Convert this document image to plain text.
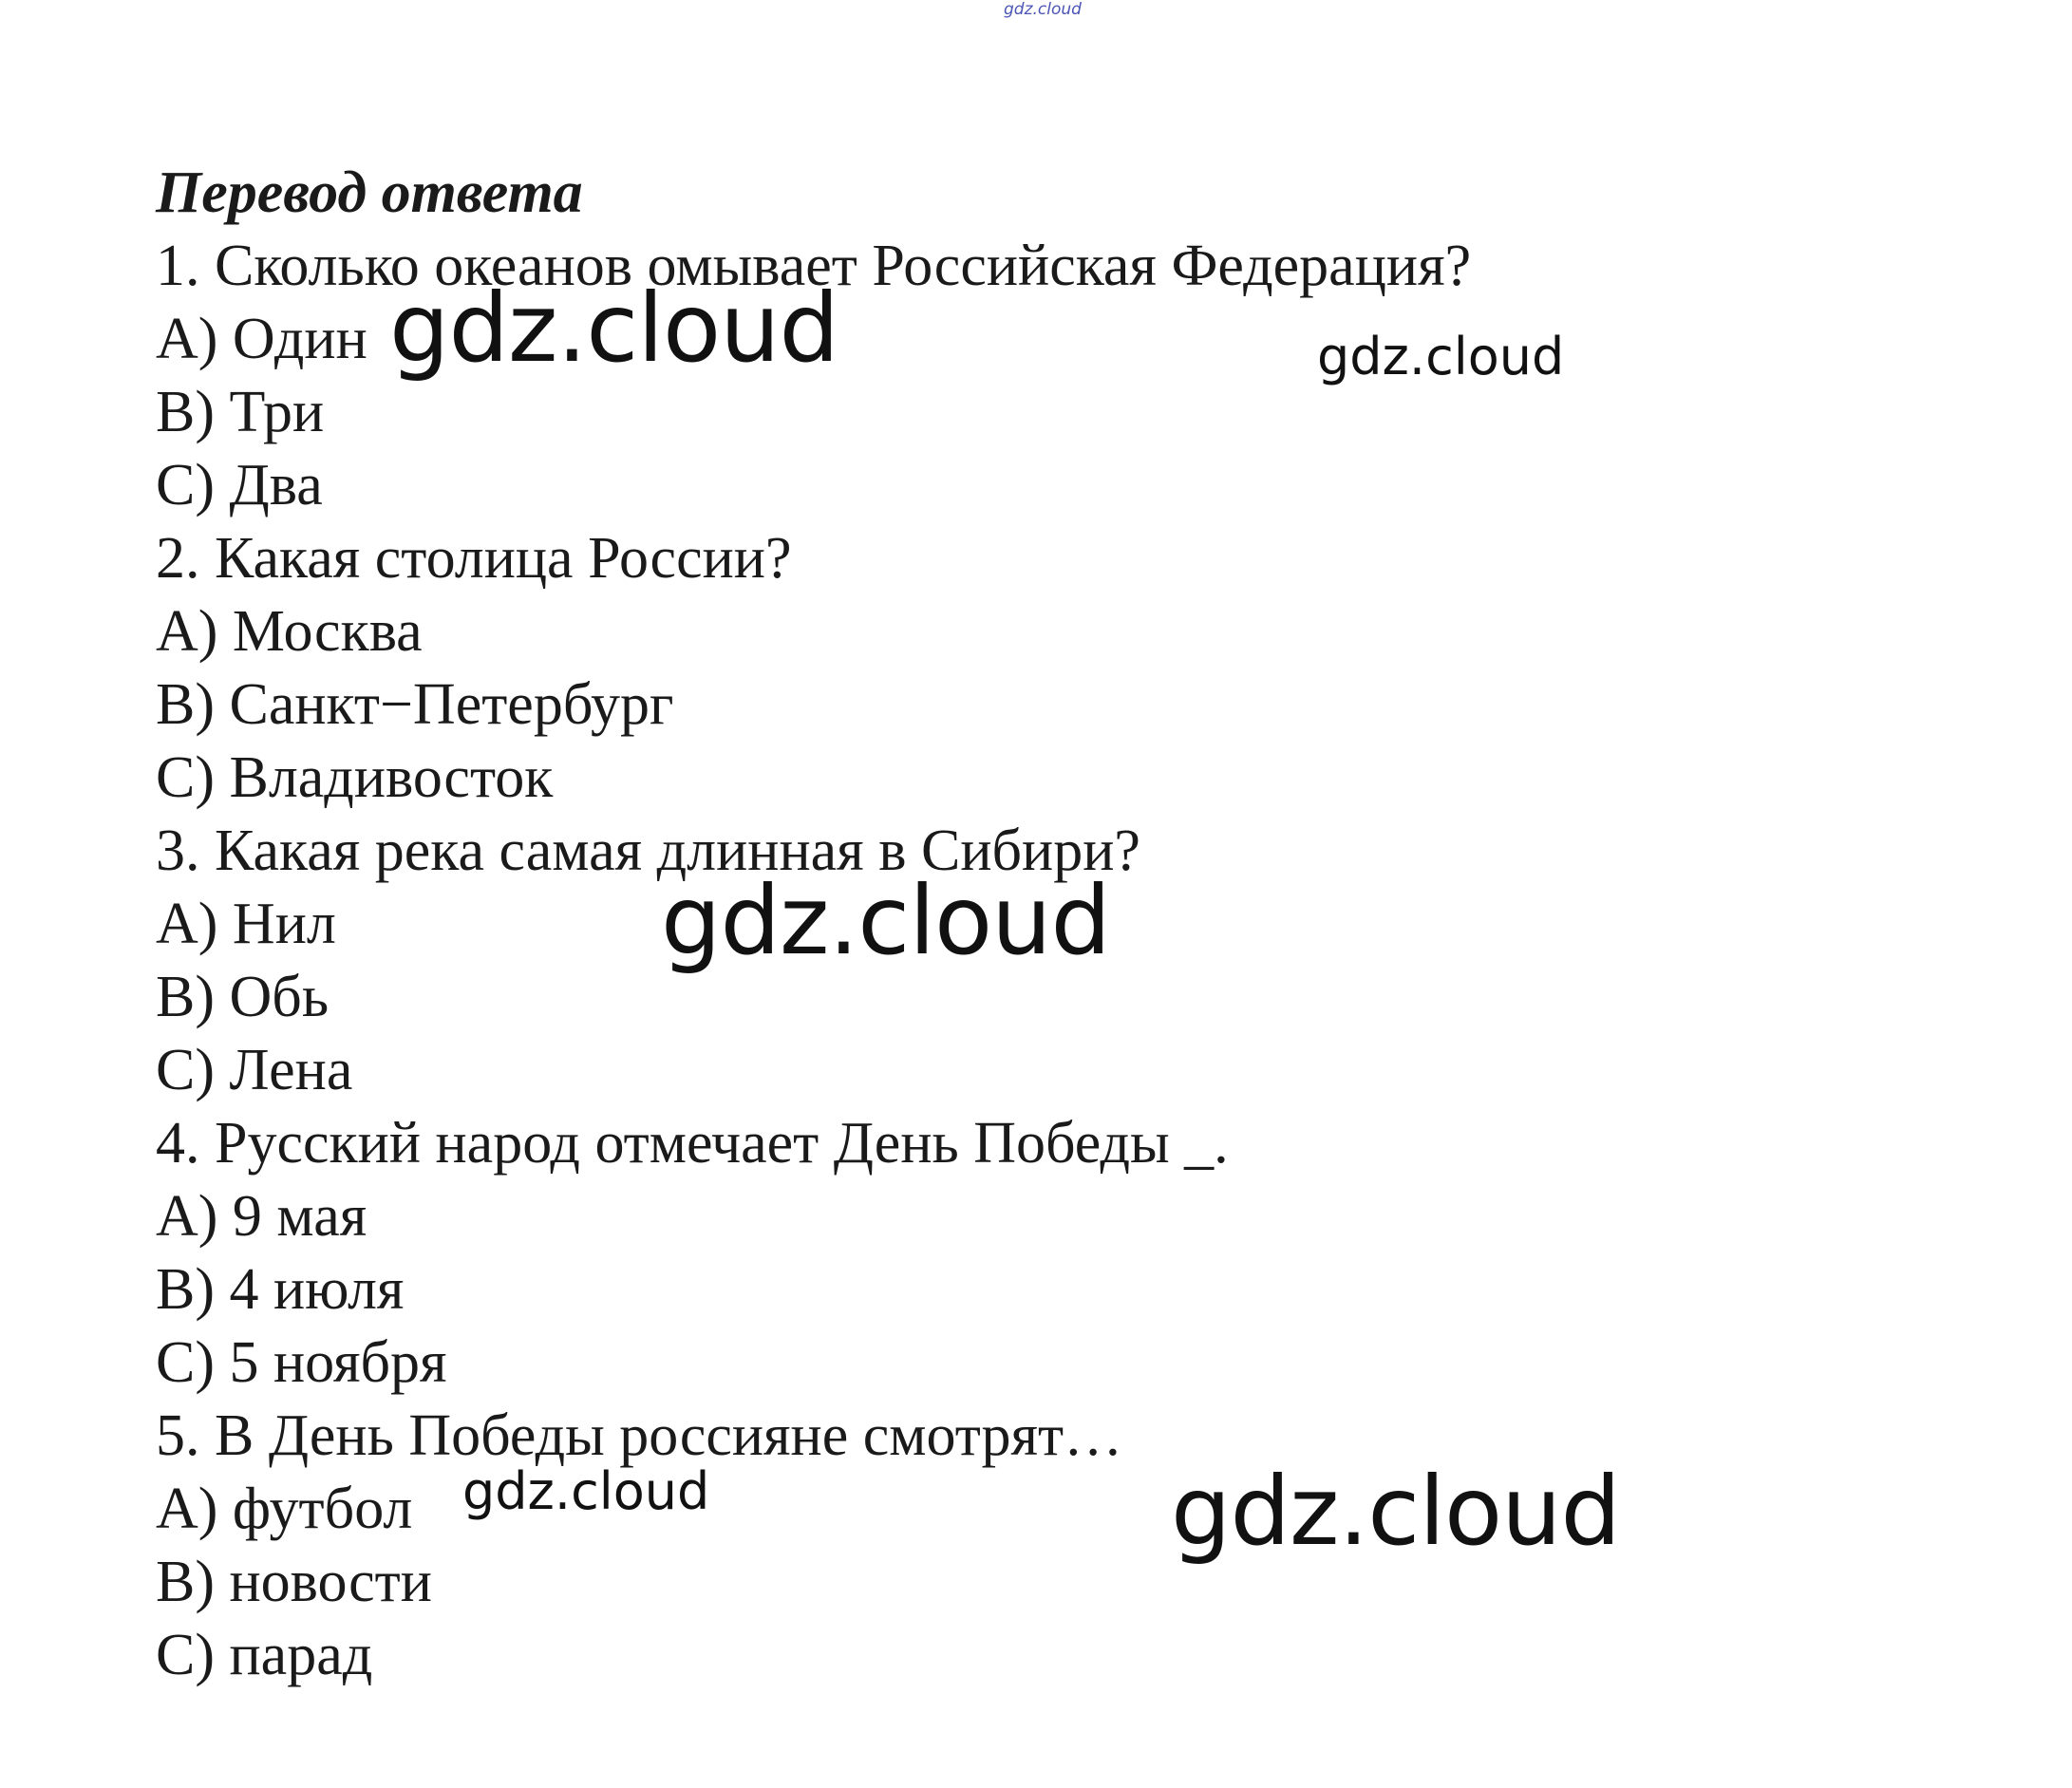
gdz.cloud
Перевод ответа
1. Сколько океанов омывает Российская Федерация?
A) Один
B) Три
C) Два
2. Какая столица России?
A) Москва
B) Санкт−Петербург
C) Владивосток
3. Какая река самая длинная в Сибири?
A) Нил
B) Обь
C) Лена
4. Русский народ отмечает День Победы _.
A) 9 мая
B) 4 июля
C) 5 ноября
5. В День Победы россияне смотрят…
A) футбол
B) новости
C) парад
gdz.cloud	gdz.cloud
gdz.cloud
gdz.cloud	gdz.cloud
